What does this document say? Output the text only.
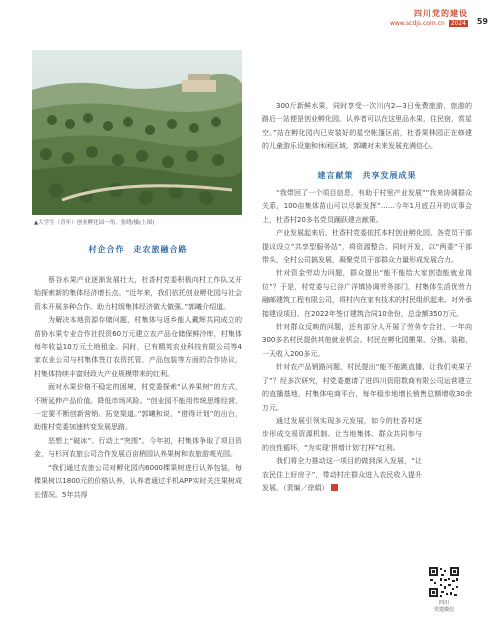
四川党的建设
www.scdjs.com.cn 2024 59
▲大学生（青年）创业孵化园一角。张晓/摄(上图)
村企合作　走农旅融合路

蔡谷水果产业逐渐发展壮大，杜香村党委积极向村工作队又开始探索新的集体经济增长点。“近年来，我们依托创业孵化园与社会资本开展多种合作。助力村级集体经济做大做强。”郭曦介绍道。

为解决本地资源存储问题，村集体与返乡能人戴辉共同成立的苗协水果专业合作社投资60万元建立农产品仓储保鲜冷库，村集体每年收益10万元土地租金。同时，已有精英农业科技有限公司等4家农业公司与村集体签订农资托管、产品包装等方面的合作协议，村集体持续丰富财政大产业规模带来的红利。

面对水果价格不稳定的困境，村党委探索“认养果树”的方式，不断延伸产品价值。降低市场风险。“创业园不能用传统思维经营，一定要不断创新营销、拓宽渠道。”郭曦和说，“借得计划”的出台，助推村党委加速转变发展思路。

恶想上“破冰”、行动上“突围”。今年初，村集体争取了项目资金，与杉河农旅公司合作发展百亩稍园认养果树和农旅游观光园。

“我们通过农旅公司对孵化园内6000棵果树进行认养包装，每棵果树以1800元的价格认养，认养者通过手机APP实时关注果树成长情况。5年共得

300斤新鲜水果，同时享受一次川内2—3日免费旅游，旅游的路后一站便是创业孵化园，认养者可以在这里品水果，住民宿，赏星空。”站在孵化园内已安装好的星空帐篷区前，杜香果林园正在修建的儿童游乐设施和休闲区域，郭曦对未来发展充满信心。

建言献策　共享发展成果

“我带回了一个项目信息，有助于村里产业发展”“我来协调群众关系，100亩集体苗山可以尽新发挥”……今年1月底召开的议事会上，杜香村20多名党员踊跃建言献策。

产业发展起来后，杜香村党委依托本村创业孵化园，各党员干部提议设立“共享型服务站”，将资源整合、同时开发，以“两委”干部带头，全村公司搞发展，凝聚党员干部群众力量形成发展合力。

针对资金劳动力问题，群众提出“能不能给大家创造能就业岗位”？于是，村党委与已谷广洋镇协调劳务部门，村集体生活优劳力融邮建筑工程有限公司，将村内在家有技术的村民组织起来。对外承接建设项目，在2022年签订建筑合同10余份，总金额350万元。

针对群众反映的问题，还有部分人开展了劳务专合社，一年向300多名村民提供其他就业机会。村民在孵化园搬果、分拣、装箱，一天收入200多元。

针对农产品销路问题，村民提出“能不能跳直播，让我们卖果子了”？经多次研究，村党委邀请了进四川资阳数商有限公司运营建立的直播基地，村集体电商平台，每年稳步地增长销售总额增收30余万元。

通过发展引领实现多元发展，如今的杜香村逐步形成交易资源机制、让当地集体、群众共同参与的良性循环，“为实现‘拼增计划’打样”红利。

我们将全力推动这一项目的做到深入发展，“让农民住上好房子”，带动村庄群众进入农民收入提升发展。（责编／徐娟）

四川
党建微信
